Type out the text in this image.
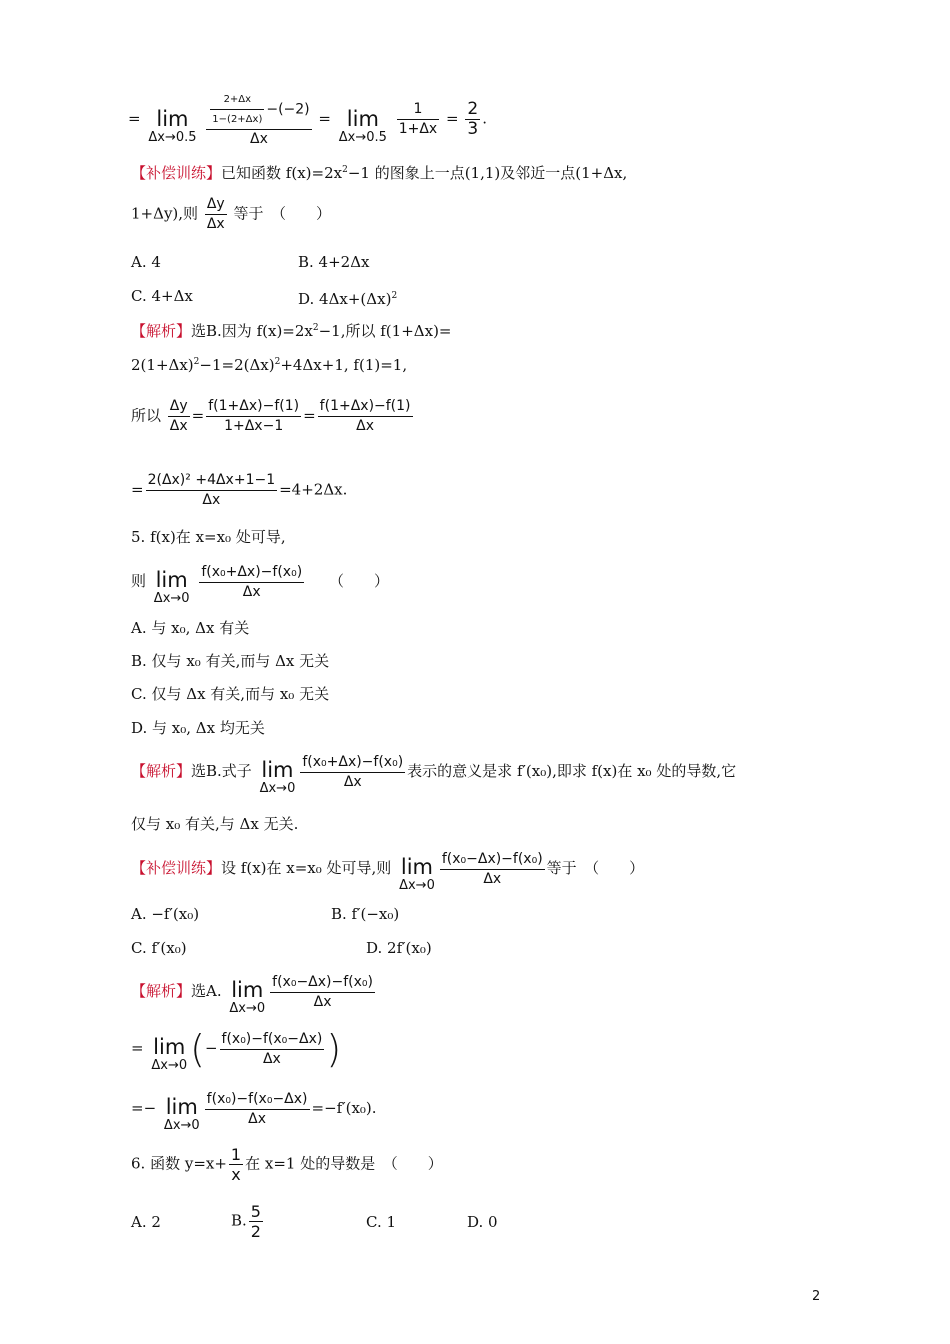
= lim
Δx→0.5
$\frac{\frac{2+\Delta x}{1-(2+\Delta x)} -(-2)}{\Delta x} = \lim$
Δx→0.5
$\frac{1}{1+\Delta x} = \frac{2}{3}$ .
【补偿训练】已知函数 $f(x)=2x^2-1$ 的图象上一点(1,1)及邻近一点(1+Δx,
1+Δy),则 $\frac{\Delta y}{\Delta x}$ 等于　（　　）
A. 4	B. 4+2Δx
C. 4+Δx	D. $4\Delta x+(\Delta x)^2$
【解析】选B.因为 $f(x)=2x^2-1$,所以 f(1+Δx)=
$2(1+\Delta x)^2-1=2(\Delta x)^2+4\Delta x+1$, f(1)=1,
所以 $\frac{\Delta y}{\Delta x} = \frac{f(1+\Delta x)-f(1)}{1+\Delta x-1} = \frac{f(1+\Delta x)-f(1)}{\Delta x}$
= $\frac{\text{2(Δx)² +4Δx+1−1}}{\Delta x} =4+2\Delta x$.
5. f(x)在 x=x₀ 处可导,
则 lim
Δx→0
$\frac{\text{f(x₀+Δx)−f(x₀)}}{\Delta x}$ （　　）
A. 与 x₀, Δx 有关
B. 仅与 x₀ 有关,而与 Δx 无关
C. 仅与 Δx 有关,而与 x₀ 无关
D. 与 x₀, Δx 均无关
【解析】选B.式子 lim
$\Delta x\to 0 \frac{\text{f(x₀+Δx)−f(x₀)}}{\Delta x}$ 表示的意义是求 f′(x₀),即求 f(x)在 x₀ 处的导数,它
仅与 x₀ 有关,与 Δx 无关.
【补偿训练】设 f(x)在 x=x₀ 处可导,则 lim
$\Delta x\to 0 \frac{\text{f(x₀−Δx)−f(x₀)}}{\Delta x}$ 等于　（　　）
A. −f′(x₀)	B. f′(−x₀)
C. f′(x₀)	D. 2f′(x₀)
【解析】选A. lim
$\Delta x\to 0 \frac{\text{f(x₀−Δx)−f(x₀)}}{\Delta x}$
= lim
Δx→0 (− $\frac{\text{f(x₀)−f(x₀−Δx)}}{\Delta x}$ )
=− lim
$\Delta x\to 0 \frac{\text{f(x₀)−f(x₀−Δx)}}{\Delta x} =-f'(x_0)$.
6. 函数 $y=x+ \frac{1}{x}$ 在 x=1 处的导数是　（　　）
A. 2	B. $\frac{5}{2}$	C. 1	D. 0
2
